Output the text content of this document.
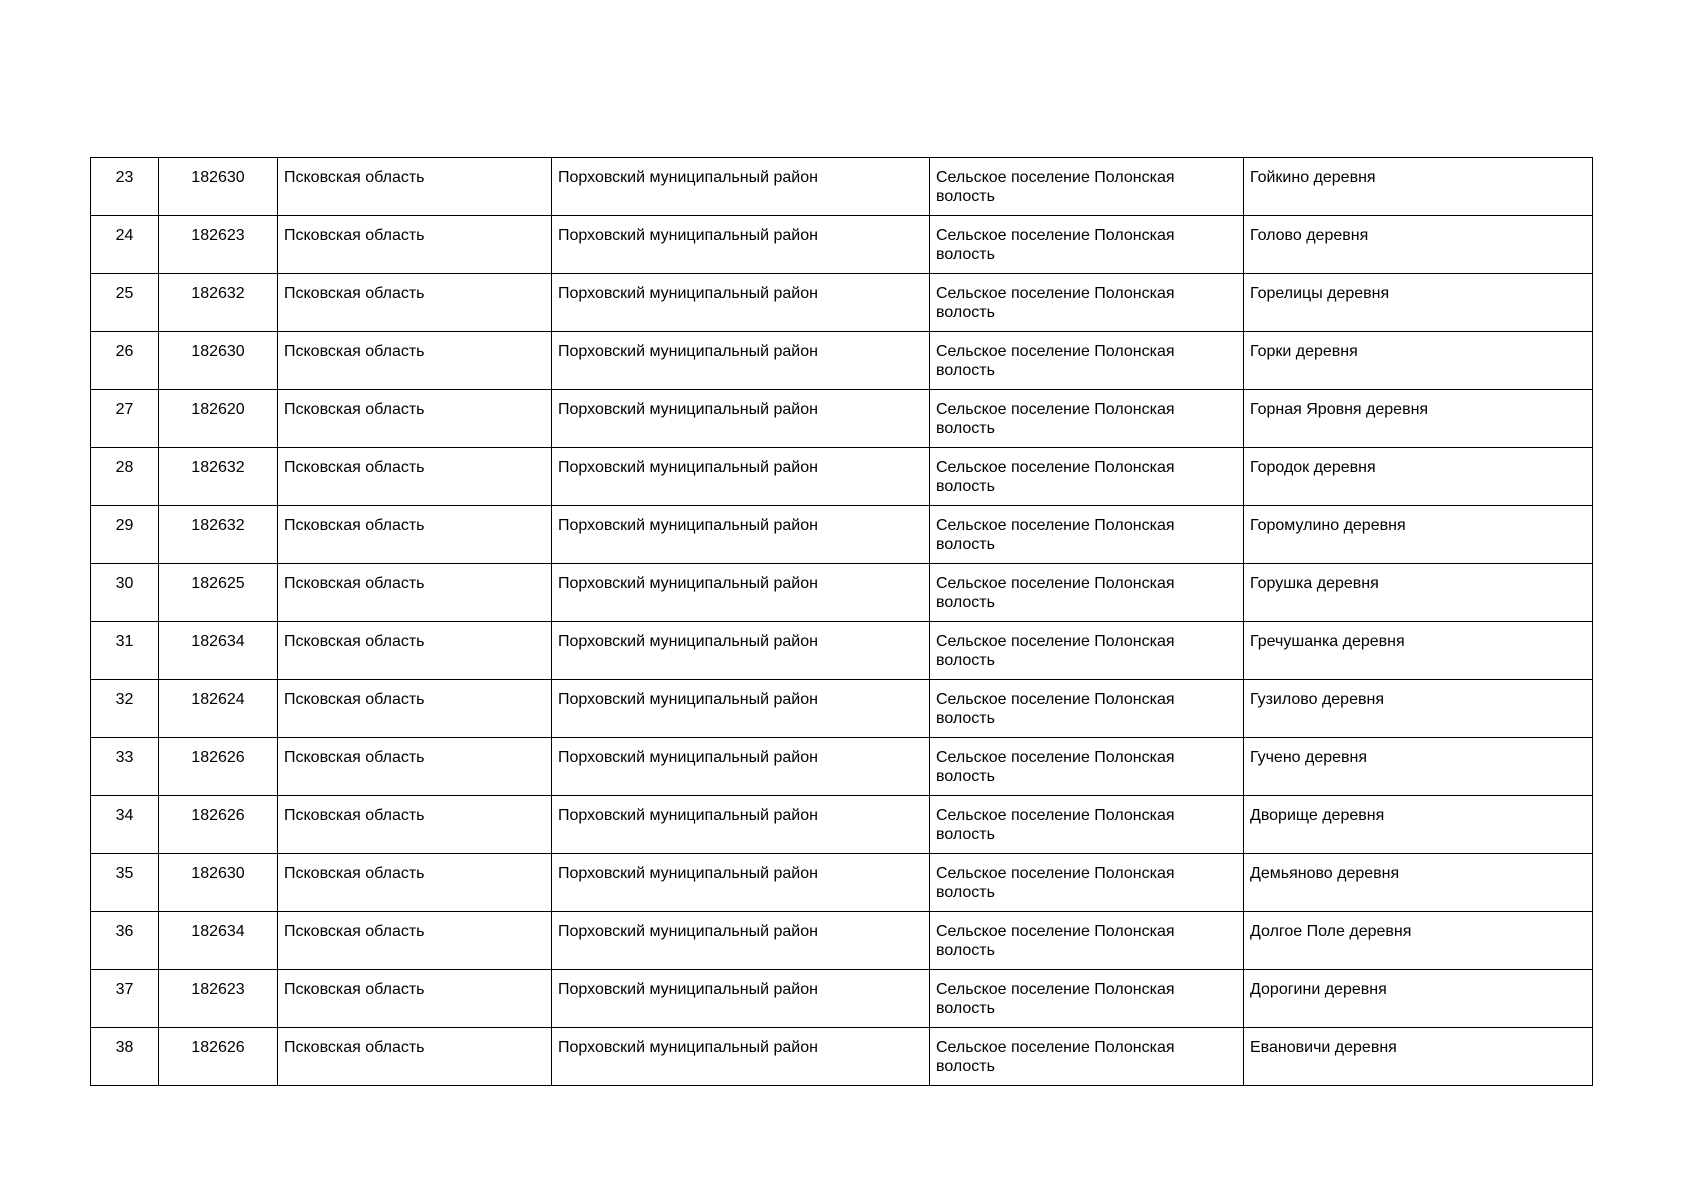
23	182630	Псковская область	Порховский муниципальный район	Сельское поселение Полонская волость	Гойкино деревня
24	182623	Псковская область	Порховский муниципальный район	Сельское поселение Полонская волость	Голово деревня
25	182632	Псковская область	Порховский муниципальный район	Сельское поселение Полонская волость	Горелицы деревня
26	182630	Псковская область	Порховский муниципальный район	Сельское поселение Полонская волость	Горки деревня
27	182620	Псковская область	Порховский муниципальный район	Сельское поселение Полонская волость	Горная Яровня деревня
28	182632	Псковская область	Порховский муниципальный район	Сельское поселение Полонская волость	Городок деревня
29	182632	Псковская область	Порховский муниципальный район	Сельское поселение Полонская волость	Горомулино деревня
30	182625	Псковская область	Порховский муниципальный район	Сельское поселение Полонская волость	Горушка деревня
31	182634	Псковская область	Порховский муниципальный район	Сельское поселение Полонская волость	Гречушанка деревня
32	182624	Псковская область	Порховский муниципальный район	Сельское поселение Полонская волость	Гузилово деревня
33	182626	Псковская область	Порховский муниципальный район	Сельское поселение Полонская волость	Гучено деревня
34	182626	Псковская область	Порховский муниципальный район	Сельское поселение Полонская волость	Дворище деревня
35	182630	Псковская область	Порховский муниципальный район	Сельское поселение Полонская волость	Демьяново деревня
36	182634	Псковская область	Порховский муниципальный район	Сельское поселение Полонская волость	Долгое Поле деревня
37	182623	Псковская область	Порховский муниципальный район	Сельское поселение Полонская волость	Дорогини деревня
38	182626	Псковская область	Порховский муниципальный район	Сельское поселение Полонская волость	Евановичи деревня
